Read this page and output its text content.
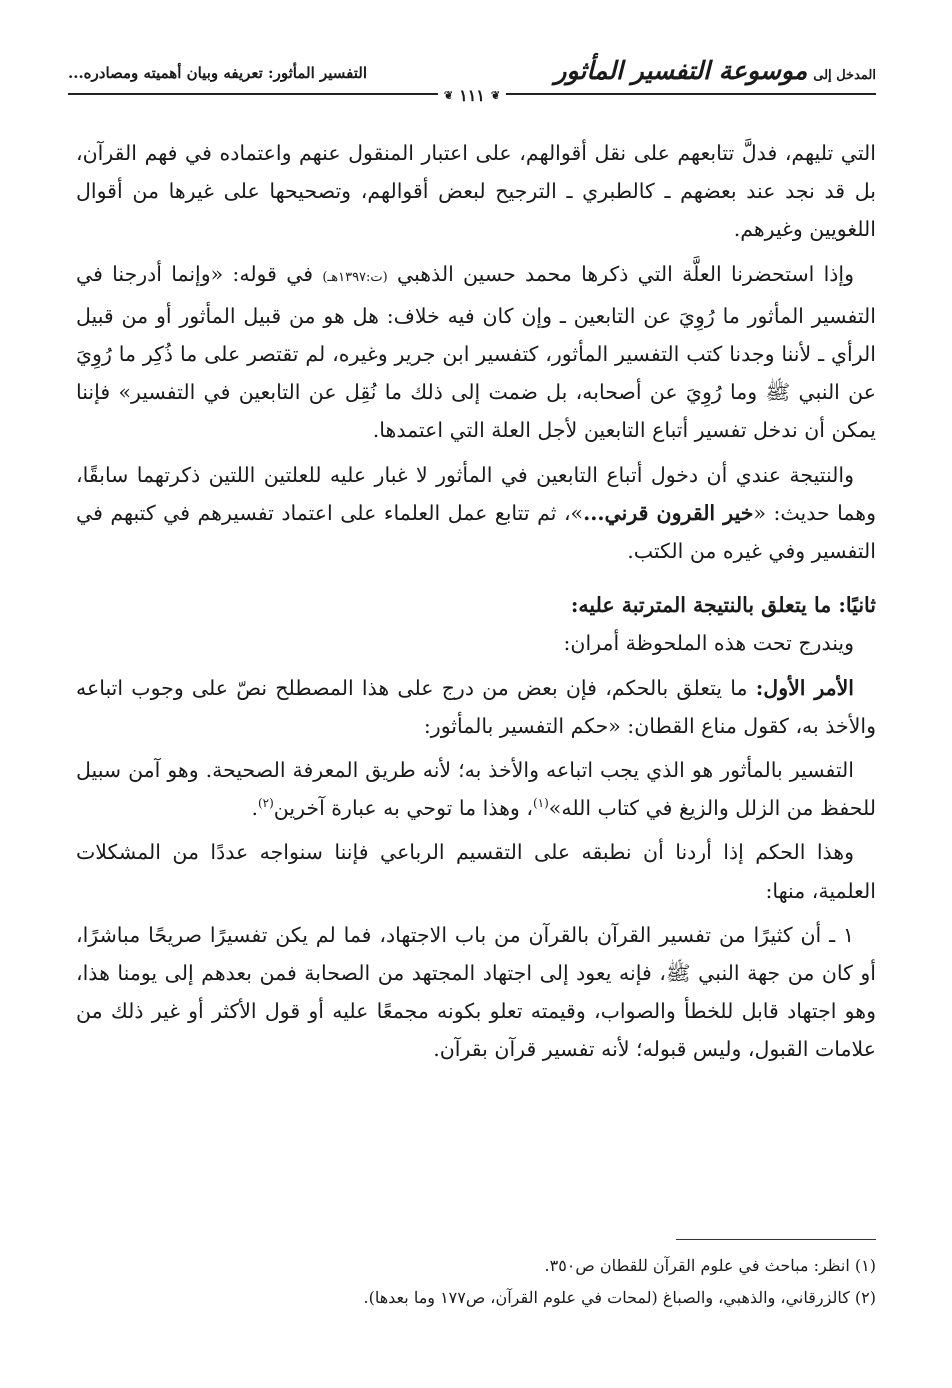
المدخل إلى
موسوعة التفسير المأثور
التفسير المأثور: تعريفه وبيان أهميته ومصادره...
❦
١١١
❦

التي تليهم، فدلَّ تتابعهم على نقل أقوالهم، على اعتبار المنقول عنهم واعتماده في فهم القرآن، بل قد نجد عند بعضهم ـ كالطبري ـ الترجيح لبعض أقوالهم، وتصحيحها على غيرها من أقوال اللغويين وغيرهم.

وإذا استحضرنا العلَّة التي ذكرها محمد حسين الذهبي (ت:١٣٩٧هـ) في قوله: «وإنما أدرجنا في التفسير المأثور ما رُوِيَ عن التابعين ـ وإن كان فيه خلاف: هل هو من قبيل المأثور أو من قبيل الرأي ـ لأننا وجدنا كتب التفسير المأثور، كتفسير ابن جرير وغيره، لم تقتصر على ما ذُكِر ما رُوِيَ عن النبي ﷺ وما رُوِيَ عن أصحابه، بل ضمت إلى ذلك ما نُقِل عن التابعين في التفسير» فإننا يمكن أن ندخل تفسير أتباع التابعين لأجل العلة التي اعتمدها.

والنتيجة عندي أن دخول أتباع التابعين في المأثور لا غبار عليه للعلتين اللتين ذكرتهما سابقًا، وهما حديث: «خير القرون قرني...»، ثم تتابع عمل العلماء على اعتماد تفسيرهم في كتبهم في التفسير وفي غيره من الكتب.

ثانيًا: ما يتعلق بالنتيجة المترتبة عليه:

ويندرج تحت هذه الملحوظة أمران:

الأمر الأول: ما يتعلق بالحكم، فإن بعض من درج على هذا المصطلح نصّ على وجوب اتباعه والأخذ به، كقول مناع القطان: «حكم التفسير بالمأثور:

التفسير بالمأثور هو الذي يجب اتباعه والأخذ به؛ لأنه طريق المعرفة الصحيحة. وهو آمن سبيل للحفظ من الزلل والزيغ في كتاب الله»$^{(١)}$، وهذا ما توحي به عبارة آخرين$^{(٢)}$.

وهذا الحكم إذا أردنا أن نطبقه على التقسيم الرباعي فإننا سنواجه عددًا من المشكلات العلمية، منها:

١ ـ أن كثيرًا من تفسير القرآن بالقرآن من باب الاجتهاد، فما لم يكن تفسيرًا صريحًا مباشرًا، أو كان من جهة النبي ﷺ، فإنه يعود إلى اجتهاد المجتهد من الصحابة فمن بعدهم إلى يومنا هذا، وهو اجتهاد قابل للخطأ والصواب، وقيمته تعلو بكونه مجمعًا عليه أو قول الأكثر أو غير ذلك من علامات القبول، وليس قبوله؛ لأنه تفسير قرآن بقرآن.

(١) انظر: مباحث في علوم القرآن للقطان ص٣٥٠.

(٢) كالزرقاني، والذهبي، والصباغ (لمحات في علوم القرآن، ص١٧٧ وما بعدها).
